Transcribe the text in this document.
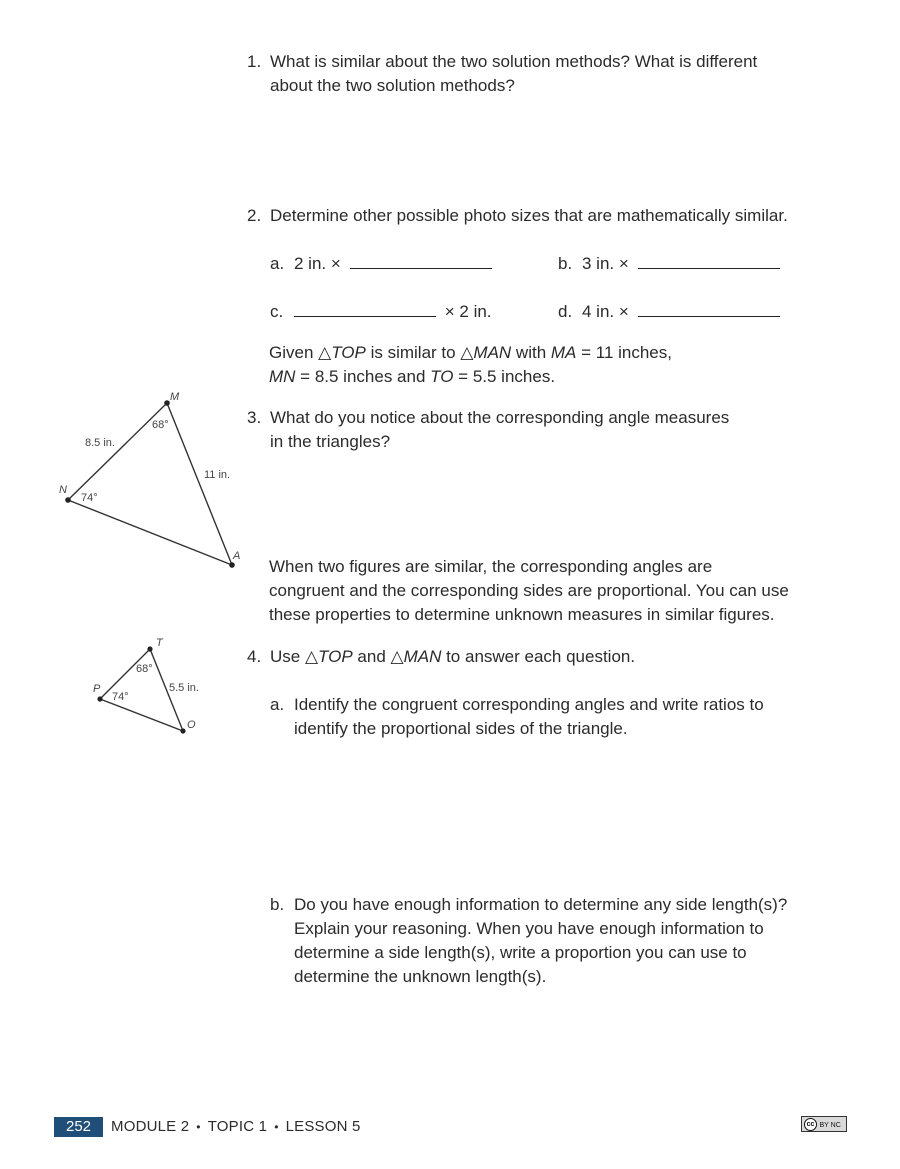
1. What is similar about the two solution methods? What is different
about the two solution methods?
2. Determine other possible photo sizes that are mathematically similar.
a. 2 in. ×	b. 3 in. ×
c.	× 2 in.	d. 4 in. ×
Given △TOP is similar to △MAN with MA = 11 inches,
MN = 8.5 inches and TO = 5.5 inches.
3. What do you notice about the corresponding angle measures
in the triangles?
When two figures are similar, the corresponding angles are
congruent and the corresponding sides are proportional. You can use
these properties to determine unknown measures in similar figures.
4. Use △TOP and △MAN to answer each question.
a. Identify the congruent corresponding angles and write ratios to
identify the proportional sides of the triangle.
b. Do you have enough information to determine any side length(s)?
Explain your reasoning. When you have enough information to
determine a side length(s), write a proportion you can use to
determine the unknown length(s).
M
N
A
68°
74°
8.5 in.
11 in.
T
P
O
68°
74°
5.5 in.
252	MODULE 2 • TOPIC 1 • LESSON 5	cc BY NC
